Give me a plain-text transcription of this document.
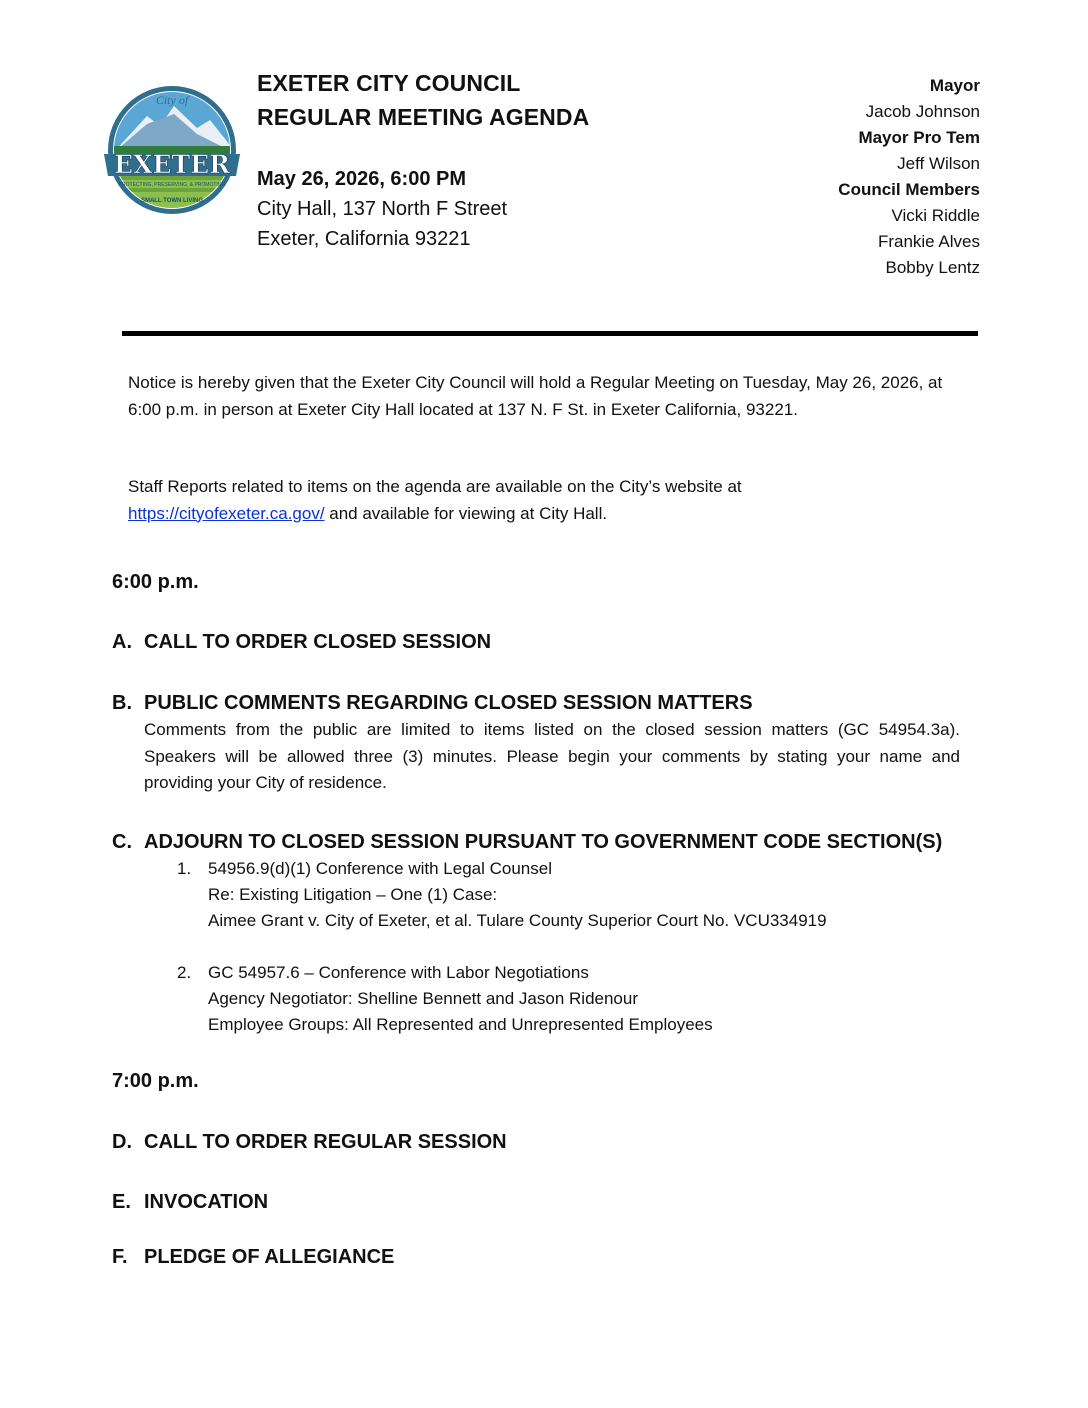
City of
EXETER
PROTECTING, PRESERVING, & PROMOTING
SMALL TOWN LIVING
EXETER CITY COUNCIL
REGULAR MEETING AGENDA
May 26, 2026, 6:00 PM
City Hall, 137 North F Street
Exeter, California 93221
Mayor
Jacob Johnson
Mayor Pro Tem
Jeff Wilson
Council Members
Vicki Riddle
Frankie Alves
Bobby Lentz
Notice is hereby given that the Exeter City Council will hold a Regular Meeting on Tuesday, May 26, 2026, at 6:00 p.m. in person at Exeter City Hall located at 137 N. F St. in Exeter California, 93221.
Staff Reports related to items on the agenda are available on the City’s website at
https://cityofexeter.ca.gov/ and available for viewing at City Hall.
6:00 p.m.
A. CALL TO ORDER CLOSED SESSION
B. PUBLIC COMMENTS REGARDING CLOSED SESSION MATTERS
Comments from the public are limited to items listed on the closed session matters (GC 54954.3a). Speakers will be allowed three (3) minutes. Please begin your comments by stating your name and providing your City of residence.
C. ADJOURN TO CLOSED SESSION PURSUANT TO GOVERNMENT CODE SECTION(S)
1. 54956.9(d)(1) Conference with Legal Counsel
Re: Existing Litigation – One (1) Case:
Aimee Grant v. City of Exeter, et al. Tulare County Superior Court No. VCU334919
2. GC 54957.6 – Conference with Labor Negotiations
Agency Negotiator: Shelline Bennett and Jason Ridenour
Employee Groups: All Represented and Unrepresented Employees
7:00 p.m.
D. CALL TO ORDER REGULAR SESSION
E. INVOCATION
F. PLEDGE OF ALLEGIANCE
